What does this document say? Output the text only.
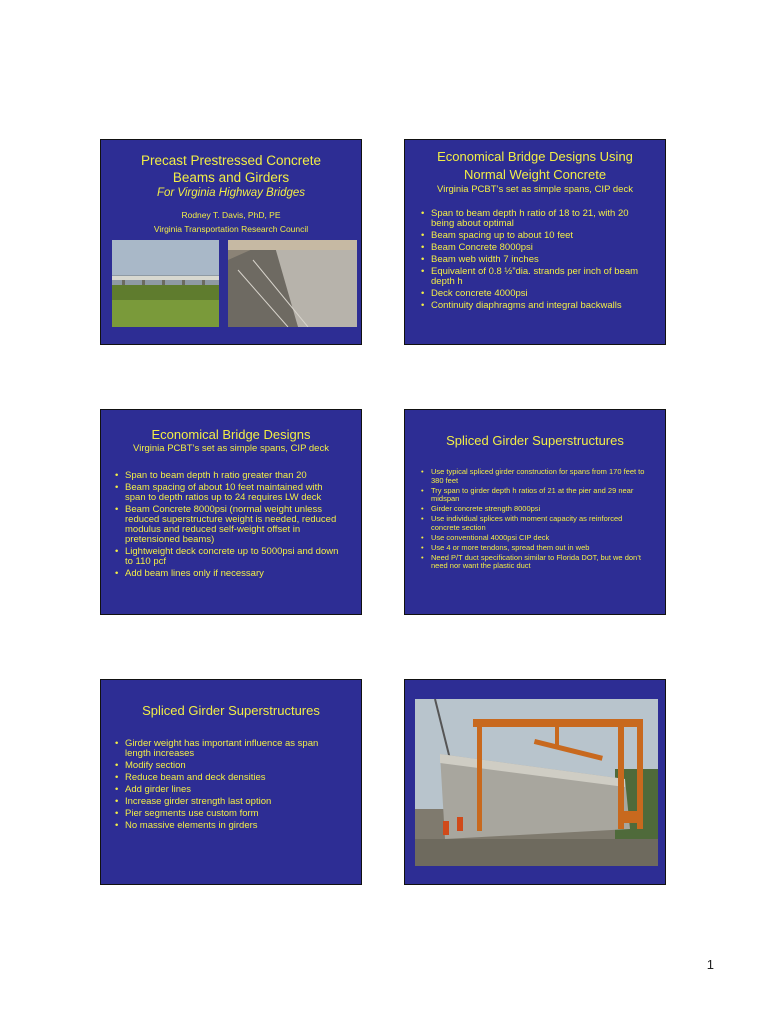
Precast Prestressed Concrete
Beams and Girders
For Virginia Highway Bridges
Rodney T. Davis, PhD, PE
Virginia Transportation Research Council
Economical Bridge Designs Using
Normal Weight Concrete
Virginia PCBT’s set as simple spans, CIP deck
• Span to beam depth h ratio of 18 to 21, with 20 being about optimal
• Beam spacing up to about 10 feet
• Beam Concrete 8000psi
• Beam web width 7 inches
• Equivalent of 0.8 ½”dia. strands per inch of beam depth h
• Deck concrete 4000psi
• Continuity diaphragms and integral backwalls
Economical Bridge Designs
Virginia PCBT’s set as simple spans, CIP deck
• Span to beam depth h ratio greater than 20
• Beam spacing of about 10 feet maintained with span to depth ratios up to 24 requires LW deck
• Beam Concrete 8000psi (normal weight unless reduced superstructure weight is needed, reduced modulus and reduced self-weight offset in pretensioned beams)
• Lightweight deck concrete up to 5000psi and down to 110 pcf
• Add beam lines only if necessary
Spliced Girder Superstructures
• Use typical spliced girder construction for spans from 170 feet to 380 feet
• Try span to girder depth h ratios of 21 at the pier and 29 near midspan
• Girder concrete strength 8000psi
• Use individual splices with moment capacity as reinforced concrete section
• Use conventional 4000psi CIP deck
• Use 4 or more tendons, spread them out in web
• Need P/T duct specification similar to Florida DOT, but we don’t need nor want the plastic duct
Spliced Girder Superstructures
• Girder weight has important influence as span length increases
• Modify section
• Reduce beam and deck densities
• Add girder lines
• Increase girder strength last option
• Pier segments use custom form
• No massive elements in girders
1
